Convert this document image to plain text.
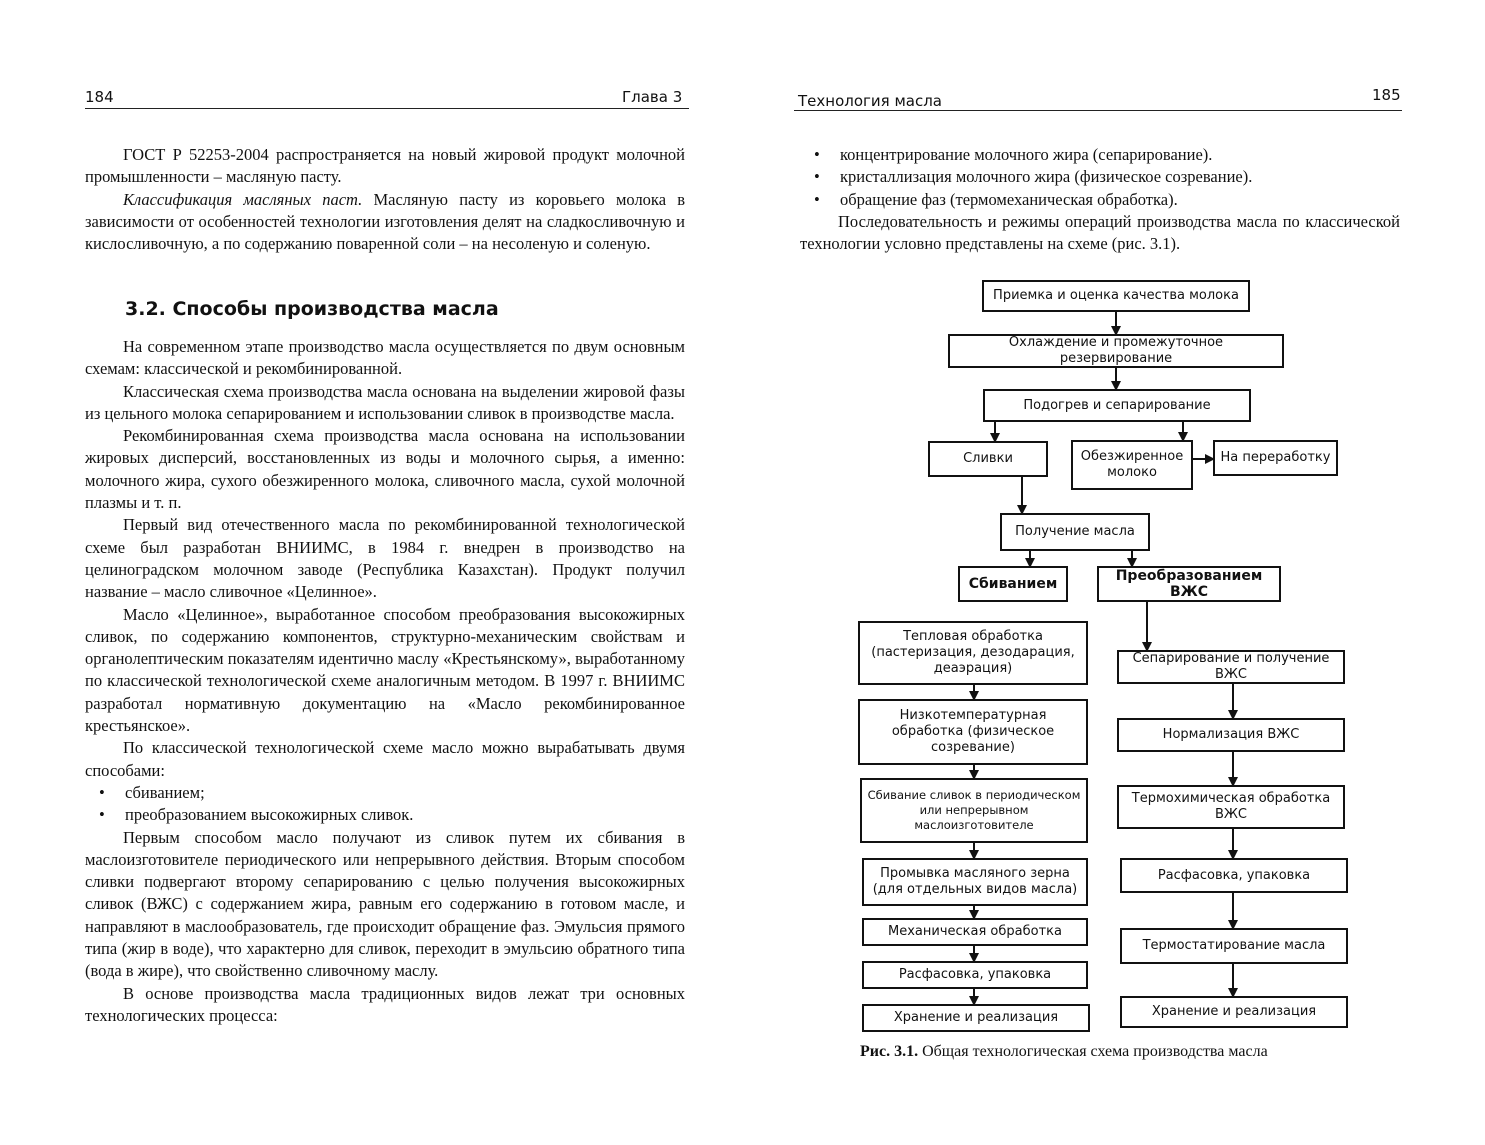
184	Глава 3

ГОСТ Р 52253-2004 распространяется на новый жировой продукт молочной промышленности – масляную пасту.

Классификация масляных паст. Масляную пасту из коровьего молока в зависимости от особенностей технологии изготовления делят на сладкосливочную и кислосливочную, а по содержанию поваренной соли – на несоленую и соленую.

3.2. Способы производства масла

На современном этапе производство масла осуществляется по двум основным схемам: классической и рекомбинированной.

Классическая схема производства масла основана на выделении жировой фазы из цельного молока сепарированием и использовании сливок в производстве масла.

Рекомбинированная схема производства масла основана на использовании жировых дисперсий, восстановленных из воды и молочного сырья, а именно: молочного жира, сухого обезжиренного молока, сливочного масла, сухой молочной плазмы и т. п.

Первый вид отечественного масла по рекомбинированной технологической схеме был разработан ВНИИМС, в 1984 г. внедрен в производство на целиноградском молочном заводе (Республика Казахстан). Продукт получил название – масло сливочное «Целинное».

Масло «Целинное», выработанное способом преобразования высокожирных сливок, по содержанию компонентов, структурно-механическим свойствам и органолептическим показателям идентично маслу «Крестьянскому», выработанному по классической технологической схеме аналогичным методом. В 1997 г. ВНИИМС разработал нормативную документацию на «Масло рекомбинированное крестьянское».

По классической технологической схеме масло можно вырабатывать двумя способами:

• сбиванием;
• преобразованием высокожирных сливок.

Первым способом масло получают из сливок путем их сбивания в маслоизготовителе периодического или непрерывного действия. Вторым способом сливки подвергают второму сепарированию с целью получения высокожирных сливок (ВЖС) с содержанием жира, равным его содержанию в готовом масле, и направляют в маслообразователь, где происходит обращение фаз. Эмульсия прямого типа (жир в воде), что характерно для сливок, переходит в эмульсию обратного типа (вода в жире), что свойственно сливочному маслу.

В основе производства масла традиционных видов лежат три основных технологических процесса:

Технология масла	185
• концентрирование молочного жира (сепарирование).
• кристаллизация молочного жира (физическое созревание).
• обращение фаз (термомеханическая обработка).

Последовательность и режимы операций производства масла по классической технологии условно представлены на схеме (рис. 3.1).

Приемка и оценка качества молока
Охлаждение и промежуточное резервирование
Подогрев и сепарирование
Сливки	Обезжиренное молоко
На переработку
Получение масла
Сбиванием	Преобразованием ВЖС
Тепловая обработка (пастеризация, дезодарация, деаэрация)
Низкотемпературная обработка (физическое созревание)
Сбивание сливок в периодическом или непрерывном маслоизготовителе
Промывка масляного зерна (для отдельных видов масла)
Механическая обработка
Расфасовка, упаковка
Хранение и реализация
Сепарирование и получение ВЖС
Нормализация ВЖС
Термохимическая обработка ВЖС
Расфасовка, упаковка
Термостатирование масла
Хранение и реализация
Рис. 3.1. Общая технологическая схема производства масла
